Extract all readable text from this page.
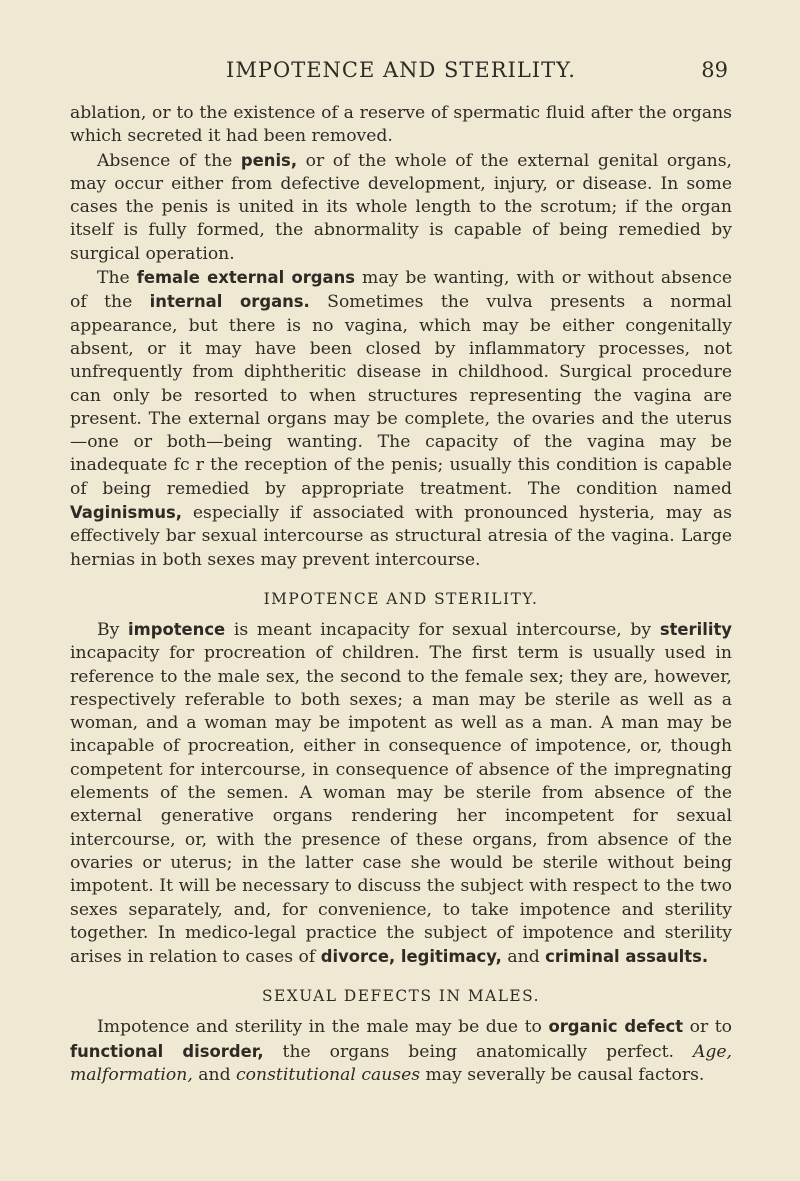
IMPOTENCE AND STERILITY.	89

ablation, or to the existence of a reserve of spermatic fluid after the organs which secreted it had been removed.

Absence of the penis, or of the whole of the external genital organs, may occur either from defective development, injury, or disease. In some cases the penis is united in its whole length to the scrotum; if the organ itself is fully formed, the abnormality is capable of being remedied by surgical operation.

The female external organs may be wanting, with or without absence of the internal organs. Sometimes the vulva presents a normal appearance, but there is no vagina, which may be either congenitally absent, or it may have been closed by inflammatory processes, not unfrequently from diphtheritic disease in childhood. Surgical procedure can only be resorted to when structures representing the vagina are present. The external organs may be complete, the ovaries and the uterus—one or both—being wanting. The capacity of the vagina may be inadequate fc r the reception of the penis; usually this condition is capable of being remedied by appropriate treatment. The condition named Vaginismus, especially if associated with pronounced hysteria, may as effectively bar sexual intercourse as structural atresia of the vagina. Large hernias in both sexes may prevent intercourse.

IMPOTENCE AND STERILITY.

By impotence is meant incapacity for sexual intercourse, by sterility incapacity for procreation of children. The first term is usually used in reference to the male sex, the second to the female sex; they are, however, respectively referable to both sexes; a man may be sterile as well as a woman, and a woman may be impotent as well as a man. A man may be incapable of procreation, either in consequence of impotence, or, though competent for intercourse, in consequence of absence of the impregnating elements of the semen. A woman may be sterile from absence of the external generative organs rendering her incompetent for sexual intercourse, or, with the presence of these organs, from absence of the ovaries or uterus; in the latter case she would be sterile without being impotent. It will be necessary to discuss the subject with respect to the two sexes separately, and, for convenience, to take impotence and sterility together. In medico-legal practice the subject of impotence and sterility arises in relation to cases of divorce, legitimacy, and criminal assaults.

SEXUAL DEFECTS IN MALES.

Impotence and sterility in the male may be due to organic defect or to functional disorder, the organs being anatomically perfect. Age, malformation, and constitutional causes may severally be causal factors.
